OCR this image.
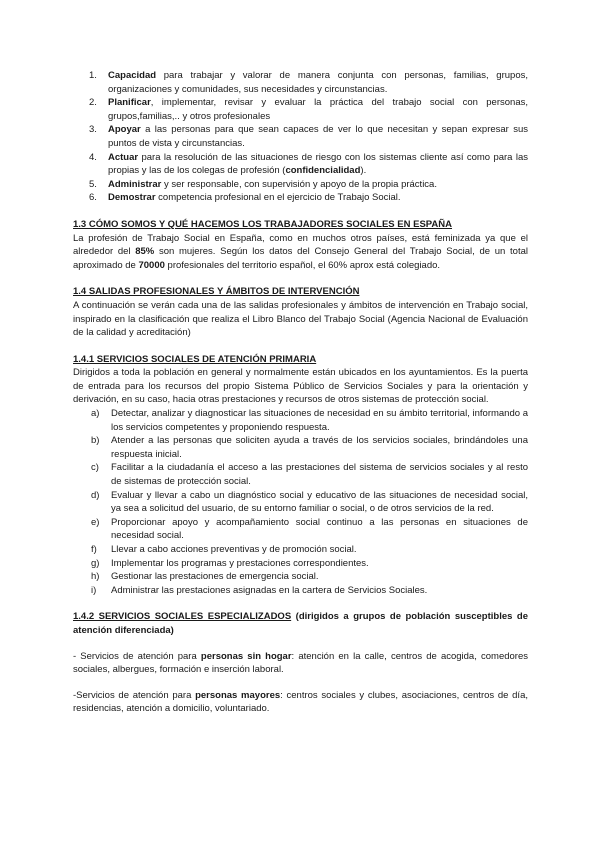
1. Capacidad para trabajar y valorar de manera conjunta con personas, familias, grupos, organizaciones y comunidades, sus necesidades y circunstancias.
2. Planificar, implementar, revisar y evaluar la práctica del trabajo social con personas, grupos,familias,.. y otros profesionales
3. Apoyar a las personas para que sean capaces de ver lo que necesitan y sepan expresar sus puntos de vista y circunstancias.
4. Actuar para la resolución de las situaciones de riesgo con los sistemas cliente así como para las propias y las de los colegas de profesión (confidencialidad).
5. Administrar y ser responsable, con supervisión y apoyo de la propia práctica.
6. Demostrar competencia profesional en el ejercicio de Trabajo Social.

1.3 CÓMO SOMOS Y QUÉ HACEMOS LOS TRABAJADORES SOCIALES EN ESPAÑA

La profesión de Trabajo Social en España, como en muchos otros países, está feminizada ya que el alrededor del 85% son mujeres. Según los datos del Consejo General del Trabajo Social, de un total aproximado de 70000 profesionales del territorio español, el 60% aprox está colegiado.

1.4 SALIDAS PROFESIONALES Y ÁMBITOS DE INTERVENCIÓN

A continuación se verán cada una de las salidas profesionales y ámbitos de intervención en Trabajo social, inspirado en la clasificación que realiza el Libro Blanco del Trabajo Social (Agencia Nacional de Evaluación de la calidad y acreditación)

1.4.1 SERVICIOS SOCIALES DE ATENCIÓN PRIMARIA

Dirigidos a toda la población en general y normalmente están ubicados en los ayuntamientos. Es la puerta de entrada para los recursos del propio Sistema Público de Servicios Sociales y para la orientación y derivación, en su caso, hacia otras prestaciones y recursos de otros sistemas de protección social.

a) Detectar, analizar y diagnosticar las situaciones de necesidad en su ámbito territorial, informando a los servicios competentes y proponiendo respuesta.
b) Atender a las personas que soliciten ayuda a través de los servicios sociales, brindándoles una respuesta inicial.
c) Facilitar a la ciudadanía el acceso a las prestaciones del sistema de servicios sociales y al resto de sistemas de protección social.
d) Evaluar y llevar a cabo un diagnóstico social y educativo de las situaciones de necesidad social, ya sea a solicitud del usuario, de su entorno familiar o social, o de otros servicios de la red.
e) Proporcionar apoyo y acompañamiento social continuo a las personas en situaciones de necesidad social.
f) Llevar a cabo acciones preventivas y de promoción social.
g) Implementar los programas y prestaciones correspondientes.
h) Gestionar las prestaciones de emergencia social.
i) Administrar las prestaciones asignadas en la cartera de Servicios Sociales.

1.4.2 SERVICIOS SOCIALES ESPECIALIZADOS (dirigidos a grupos de población susceptibles de atención diferenciada)

- Servicios de atención para personas sin hogar: atención en la calle, centros de acogida, comedores sociales, albergues, formación e inserción laboral.

-Servicios de atención para personas mayores: centros sociales y clubes, asociaciones, centros de día, residencias, atención a domicilio, voluntariado.
